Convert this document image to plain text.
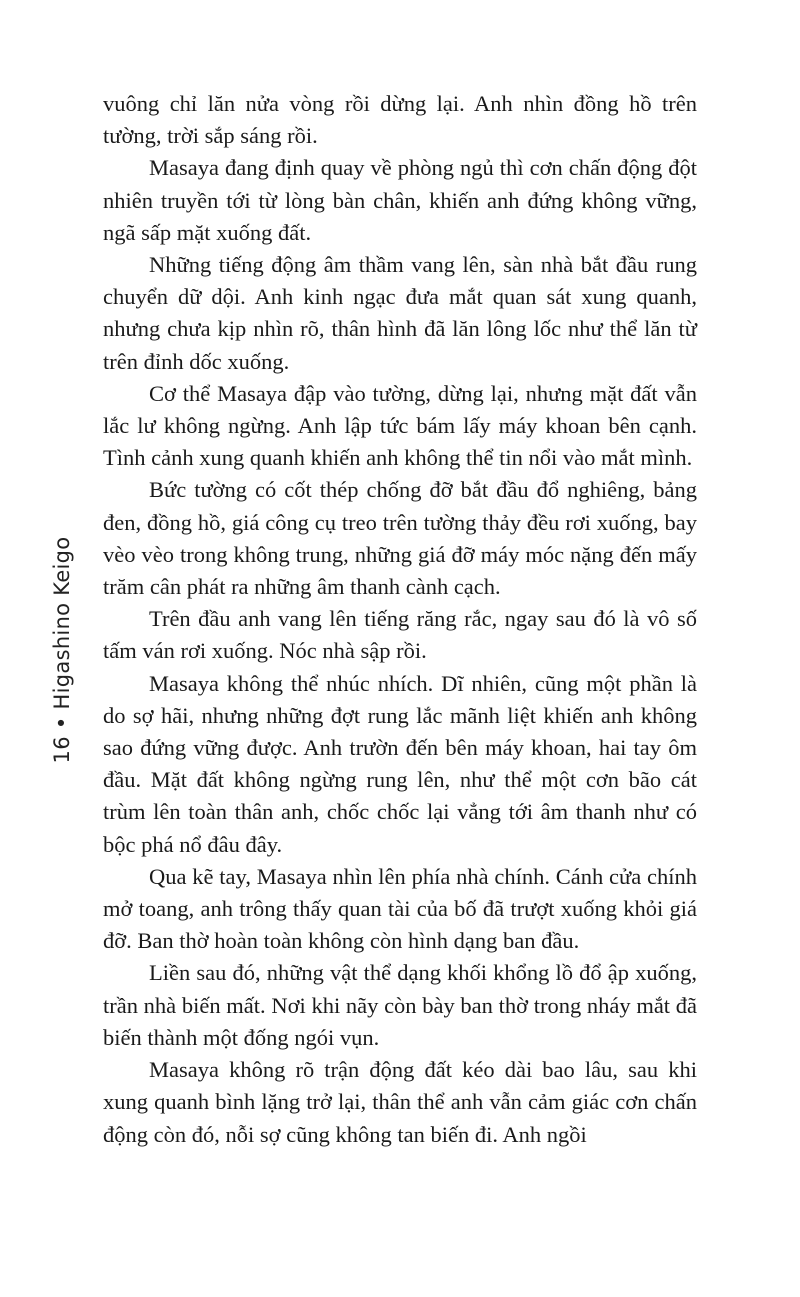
16•Higashino Keigo

vuông chỉ lăn nửa vòng rồi dừng lại. Anh nhìn đồng hồ trên tường, trời sắp sáng rồi.

Masaya đang định quay về phòng ngủ thì cơn chấn động đột nhiên truyền tới từ lòng bàn chân, khiến anh đứng không vững, ngã sấp mặt xuống đất.

Những tiếng động âm thầm vang lên, sàn nhà bắt đầu rung chuyển dữ dội. Anh kinh ngạc đưa mắt quan sát xung quanh, nhưng chưa kịp nhìn rõ, thân hình đã lăn lông lốc như thể lăn từ trên đỉnh dốc xuống.

Cơ thể Masaya đập vào tường, dừng lại, nhưng mặt đất vẫn lắc lư không ngừng. Anh lập tức bám lấy máy khoan bên cạnh. Tình cảnh xung quanh khiến anh không thể tin nổi vào mắt mình.

Bức tường có cốt thép chống đỡ bắt đầu đổ nghiêng, bảng đen, đồng hồ, giá công cụ treo trên tường thảy đều rơi xuống, bay vèo vèo trong không trung, những giá đỡ máy móc nặng đến mấy trăm cân phát ra những âm thanh cành cạch.

Trên đầu anh vang lên tiếng răng rắc, ngay sau đó là vô số tấm ván rơi xuống. Nóc nhà sập rồi.

Masaya không thể nhúc nhích. Dĩ nhiên, cũng một phần là do sợ hãi, nhưng những đợt rung lắc mãnh liệt khiến anh không sao đứng vững được. Anh trườn đến bên máy khoan, hai tay ôm đầu. Mặt đất không ngừng rung lên, như thể một cơn bão cát trùm lên toàn thân anh, chốc chốc lại vẳng tới âm thanh như có bộc phá nổ đâu đây.

Qua kẽ tay, Masaya nhìn lên phía nhà chính. Cánh cửa chính mở toang, anh trông thấy quan tài của bố đã trượt xuống khỏi giá đỡ. Ban thờ hoàn toàn không còn hình dạng ban đầu.

Liền sau đó, những vật thể dạng khối khổng lồ đổ ập xuống, trần nhà biến mất. Nơi khi nãy còn bày ban thờ trong nháy mắt đã biến thành một đống ngói vụn.

Masaya không rõ trận động đất kéo dài bao lâu, sau khi xung quanh bình lặng trở lại, thân thể anh vẫn cảm giác cơn chấn động còn đó, nỗi sợ cũng không tan biến đi. Anh ngồi
